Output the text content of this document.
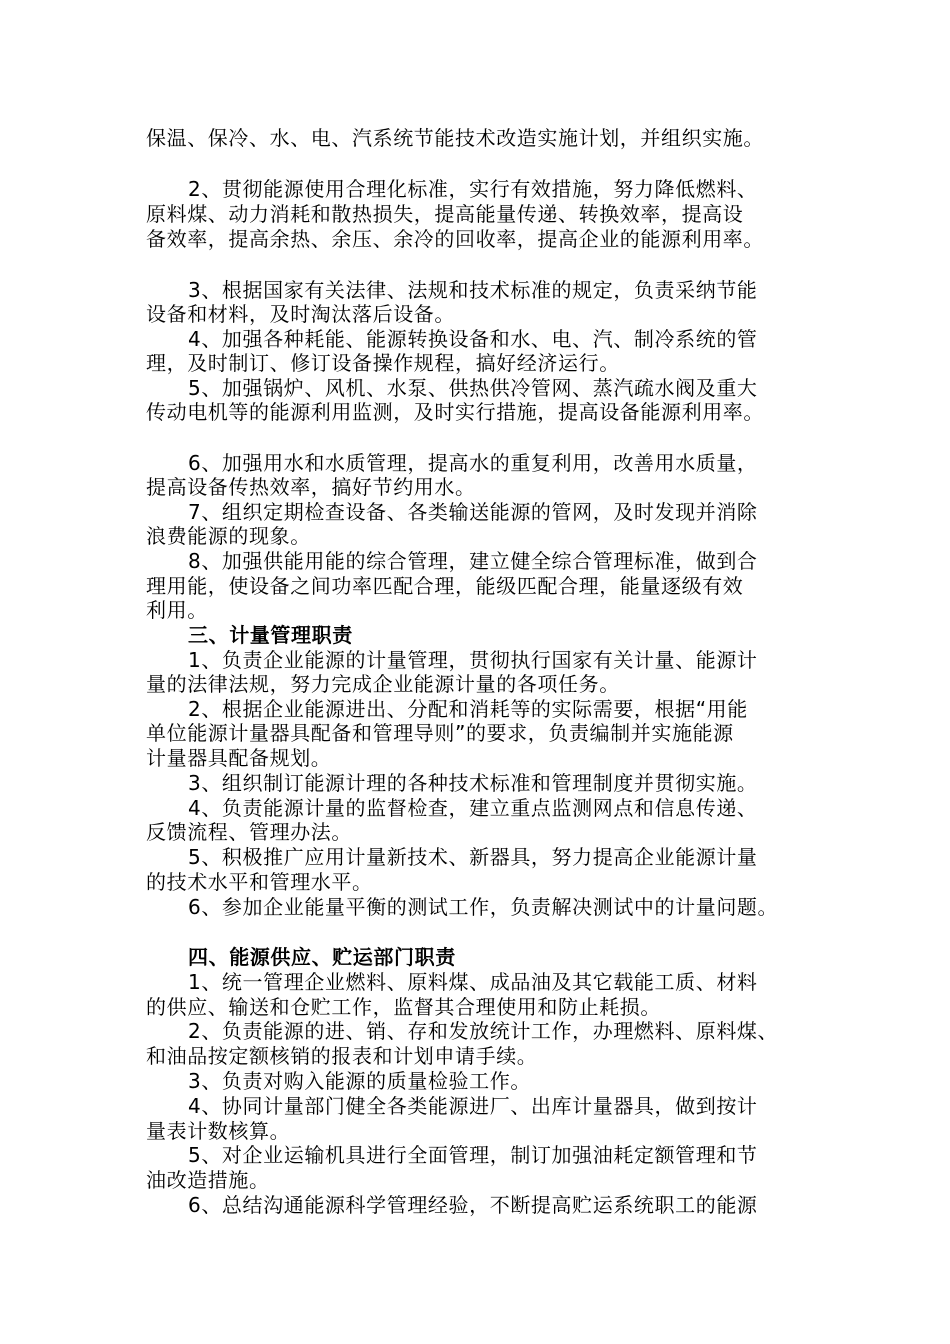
保温、保冷、水、电、汽系统节能技术改造实施计划，并组织实施。
2、贯彻能源使用合理化标准，实行有效措施，努力降低燃料、
原料煤、动力消耗和散热损失，提高能量传递、转换效率，提高设
备效率，提高余热、余压、余冷的回收率，提高企业的能源利用率。
3、根据国家有关法律、法规和技术标准的规定，负责采纳节能
设备和材料，及时淘汰落后设备。
4、加强各种耗能、能源转换设备和水、电、汽、制冷系统的管
理，及时制订、修订设备操作规程，搞好经济运行。
5、加强锅炉、风机、水泵、供热供冷管网、蒸汽疏水阀及重大
传动电机等的能源利用监测，及时实行措施，提高设备能源利用率。
6、加强用水和水质管理，提高水的重复利用，改善用水质量，
提高设备传热效率，搞好节约用水。
7、组织定期检查设备、各类输送能源的管网，及时发现并消除
浪费能源的现象。
8、加强供能用能的综合管理，建立健全综合管理标准，做到合
理用能，使设备之间功率匹配合理，能级匹配合理，能量逐级有效
利用。
三、计量管理职责
1、负责企业能源的计量管理，贯彻执行国家有关计量、能源计
量的法律法规，努力完成企业能源计量的各项任务。
2、根据企业能源进出、分配和消耗等的实际需要，根据“用能
单位能源计量器具配备和管理导则”的要求，负责编制并实施能源
计量器具配备规划。
3、组织制订能源计理的各种技术标准和管理制度并贯彻实施。
4、负责能源计量的监督检查，建立重点监测网点和信息传递、
反馈流程、管理办法。
5、积极推广应用计量新技术、新器具，努力提高企业能源计量
的技术水平和管理水平。
6、参加企业能量平衡的测试工作，负责解决测试中的计量问题。
四、能源供应、贮运部门职责
1、统一管理企业燃料、原料煤、成品油及其它载能工质、材料
的供应、输送和仓贮工作，监督其合理使用和防止耗损。
2、负责能源的进、销、存和发放统计工作，办理燃料、原料煤、
和油品按定额核销的报表和计划申请手续。
3、负责对购入能源的质量检验工作。
4、协同计量部门健全各类能源进厂、出库计量器具，做到按计
量表计数核算。
5、对企业运输机具进行全面管理，制订加强油耗定额管理和节
油改造措施。
6、总结沟通能源科学管理经验，不断提高贮运系统职工的能源
